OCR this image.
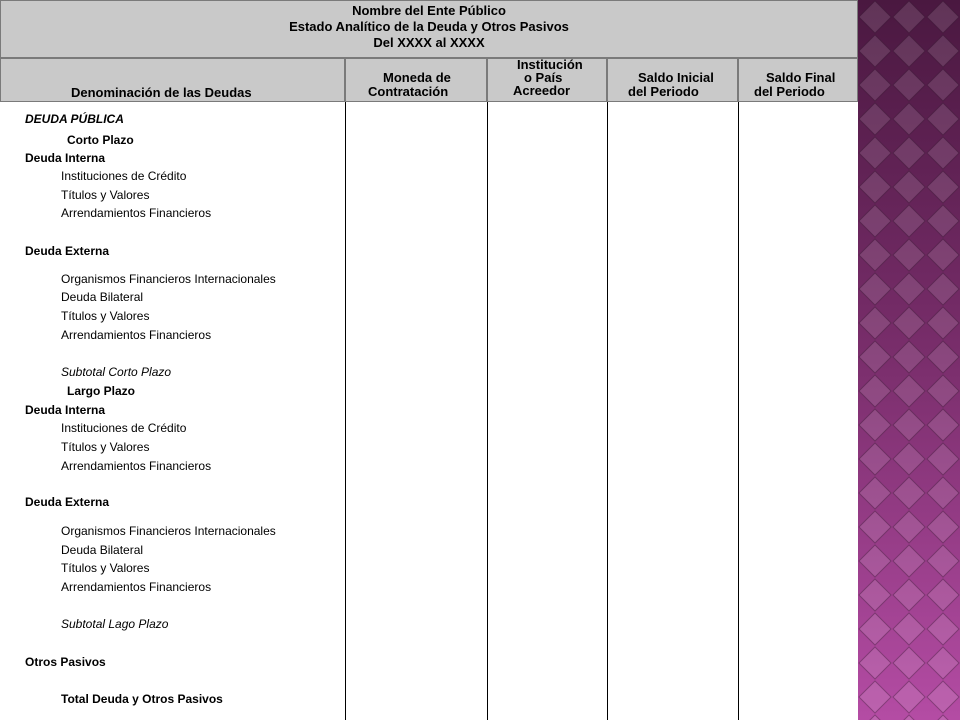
Nombre del Ente Público
Estado Analítico de la Deuda y Otros Pasivos
Del XXXX al XXXX
Denominación de las Deudas
Moneda de
Contratación
Institución
o País
Acreedor
Saldo Inicial
del Periodo
Saldo Final
del Periodo
DEUDA PÚBLICA
Corto Plazo
Deuda Interna
Instituciones de Crédito
Títulos y Valores
Arrendamientos Financieros
Deuda Externa
Organismos Financieros Internacionales
Deuda Bilateral
Títulos y Valores
Arrendamientos Financieros
Subtotal Corto Plazo
Largo Plazo
Deuda Interna
Instituciones de Crédito
Títulos y Valores
Arrendamientos Financieros
Deuda Externa
Organismos Financieros Internacionales
Deuda Bilateral
Títulos y Valores
Arrendamientos Financieros
Subtotal Lago Plazo
Otros Pasivos
Total Deuda y Otros Pasivos
